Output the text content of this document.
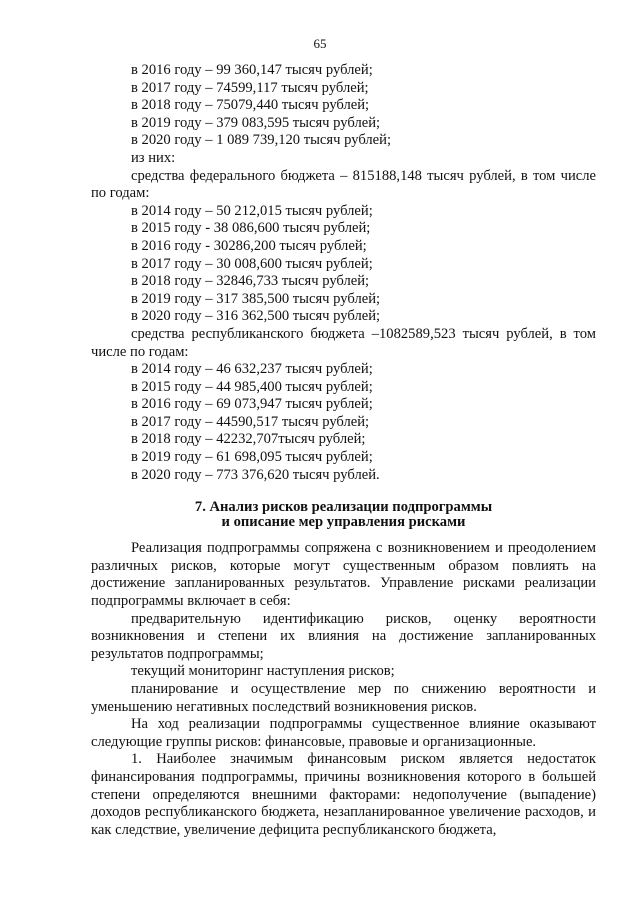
65

в 2016 году – 99 360,147 тысяч рублей;

в 2017 году – 74599,117 тысяч рублей;

в 2018 году – 75079,440 тысяч рублей;

в 2019 году – 379 083,595 тысяч рублей;

в 2020 году – 1 089 739,120 тысяч рублей;

из них:

средства федерального бюджета – 815188,148 тысяч рублей, в том числе по годам:

в 2014 году – 50 212,015 тысяч рублей;

в 2015 году - 38 086,600 тысяч рублей;

в 2016 году - 30286,200 тысяч рублей;

в 2017 году – 30 008,600 тысяч рублей;

в 2018 году – 32846,733 тысяч рублей;

в 2019 году – 317 385,500 тысяч рублей;

в 2020 году – 316 362,500 тысяч рублей;

средства республиканского бюджета –1082589,523 тысяч рублей, в том числе по годам:

в 2014 году – 46 632,237 тысяч рублей;

в 2015 году – 44 985,400 тысяч рублей;

в 2016 году – 69 073,947 тысяч рублей;

в 2017 году – 44590,517 тысяч рублей;

в 2018 году – 42232,707тысяч рублей;

в 2019 году – 61 698,095 тысяч рублей;

в 2020 году – 773 376,620 тысяч рублей.

7. Анализ рисков реализации подпрограммы
и описание мер управления рисками

Реализация подпрограммы сопряжена с возникновением и преодолением различных рисков, которые могут существенным образом повлиять на достижение запланированных результатов. Управление рисками реализации подпрограммы включает в себя:

предварительную идентификацию рисков, оценку вероятности возникновения и степени их влияния на достижение запланированных результатов подпрограммы;

текущий мониторинг наступления рисков;

планирование и осуществление мер по снижению вероятности и уменьшению негативных последствий возникновения рисков.

На ход реализации подпрограммы существенное влияние оказывают следующие группы рисков: финансовые, правовые и организационные.

1. Наиболее значимым финансовым риском является недостаток финансирования подпрограммы, причины возникновения которого в большей степени определяются внешними факторами: недополучение (выпадение) доходов республиканского бюджета, незапланированное увеличение расходов, и как следствие, увеличение дефицита республиканского бюджета,
